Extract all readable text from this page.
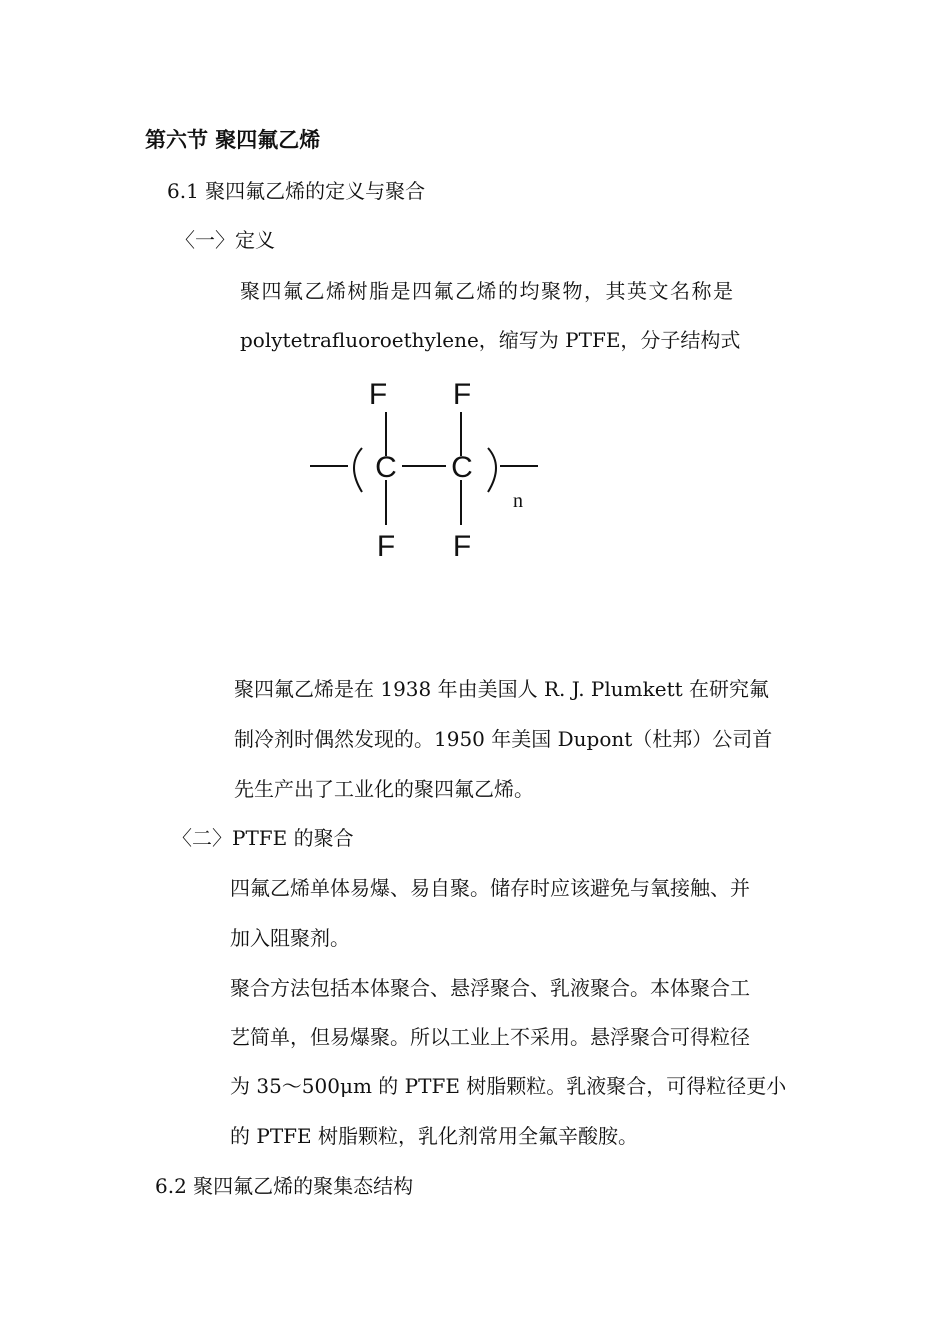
第六节 聚四氟乙烯
6.1 聚四氟乙烯的定义与聚合
〈一〉定义
聚四氟乙烯树脂是四氟乙烯的均聚物，其英文名称是
polytetrafluoroethylene，缩写为 PTFE，分子结构式
F F
C C
n
F F
聚四氟乙烯是在 1938 年由美国人 R. J. Plumkett 在研究氟
制冷剂时偶然发现的。1950 年美国 Dupont（杜邦）公司首
先生产出了工业化的聚四氟乙烯。
〈二〉PTFE 的聚合
四氟乙烯单体易爆、易自聚。储存时应该避免与氧接触、并
加入阻聚剂。
聚合方法包括本体聚合、悬浮聚合、乳液聚合。本体聚合工
艺简单，但易爆聚。所以工业上不采用。悬浮聚合可得粒径
为 35～500μm 的 PTFE 树脂颗粒。乳液聚合，可得粒径更小
的 PTFE 树脂颗粒，乳化剂常用全氟辛酸胺。
6.2 聚四氟乙烯的聚集态结构
